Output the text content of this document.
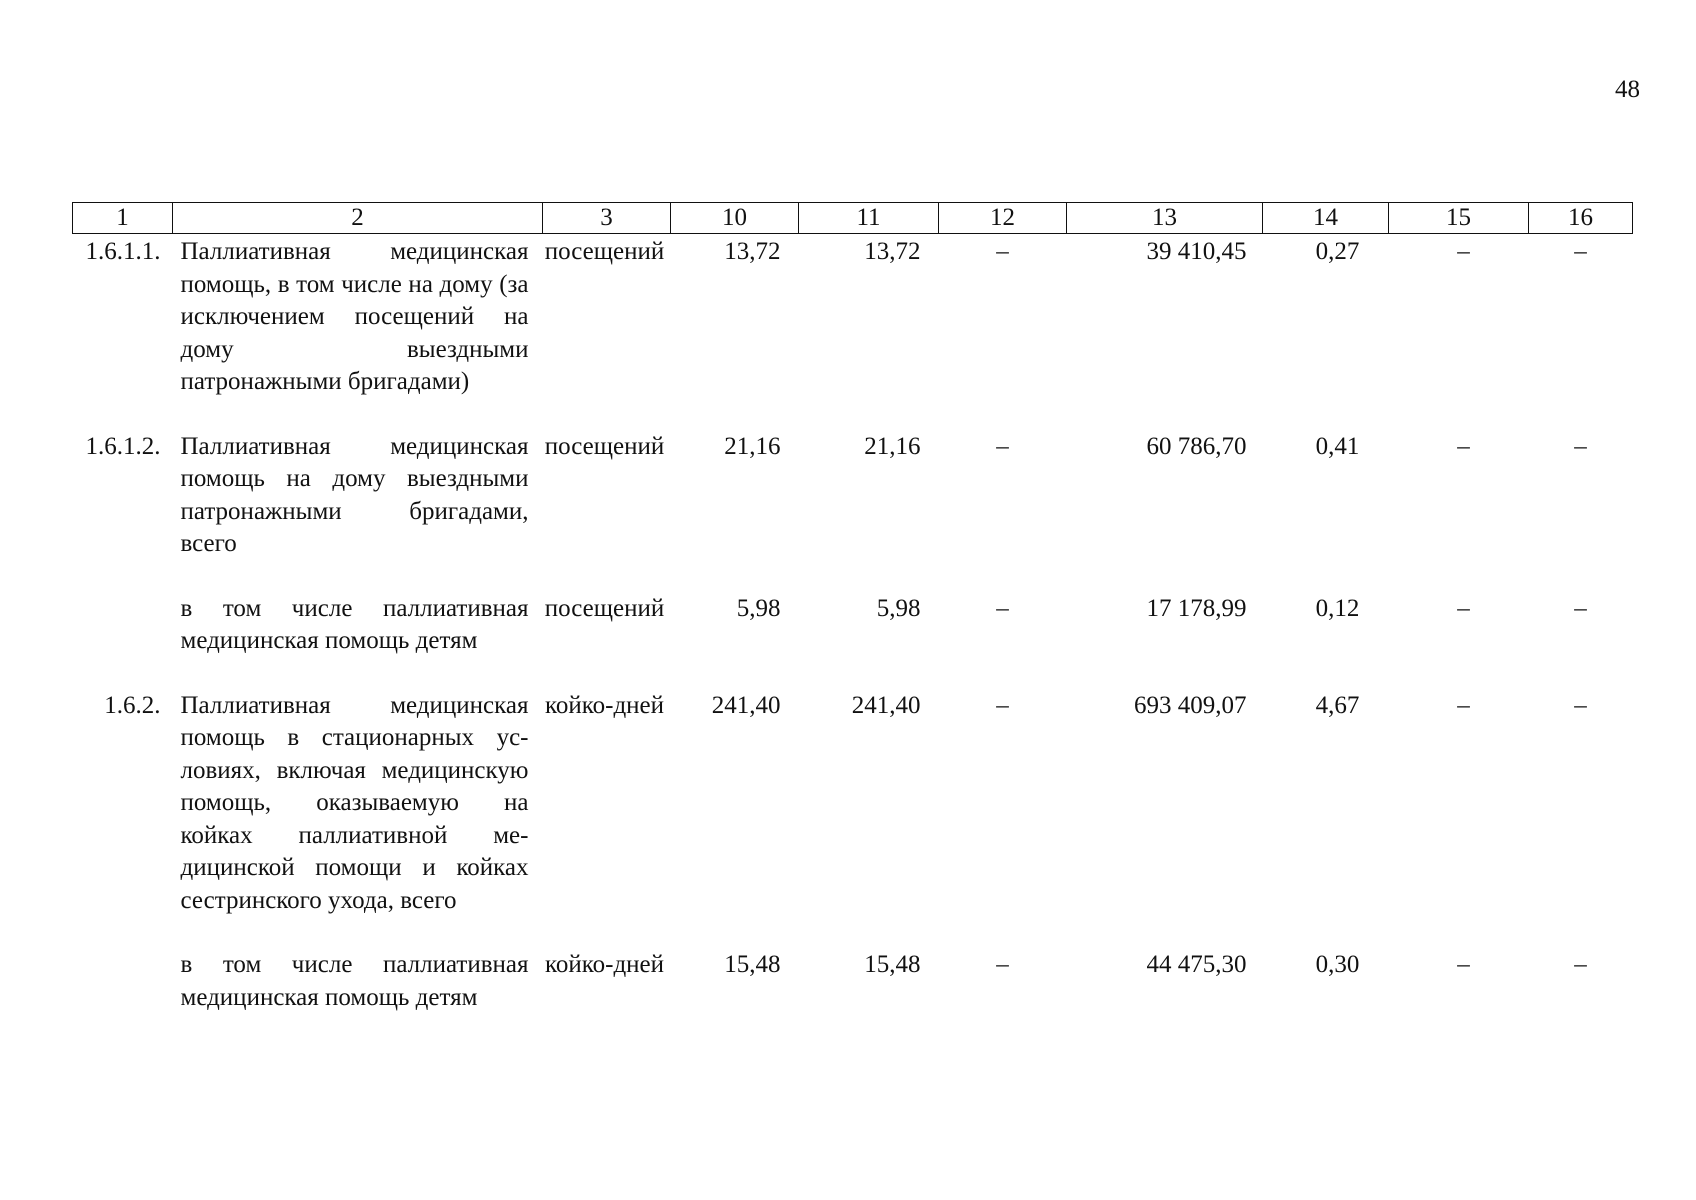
48
1	2	3	10	11	12	13	14	15	16
1.6.1.1.	Паллиативная медицинская помощь, в том числе на дому (за исключением посещений на дому выездными патронажными бригадами)	посещений	13,72	13,72	–	39 410,45	0,27	–	–
1.6.1.2.	Паллиативная медицинская помощь на дому выездными патронажными бригадами, всего	посещений	21,16	21,16	–	60 786,70	0,41	–	–
	в том числе паллиативная медицинская помощь детям	посещений	5,98	5,98	–	17 178,99	0,12	–	–
1.6.2.	Паллиативная медицинская помощь в стационарных условиях, включая медицинскую помощь, оказываемую на койках паллиативной медицинской помощи и койках сестринского ухода, всего	койко-дней	241,40	241,40	–	693 409,07	4,67	–	–
	в том числе паллиативная медицинская помощь детям	койко-дней	15,48	15,48	–	44 475,30	0,30	–	–
